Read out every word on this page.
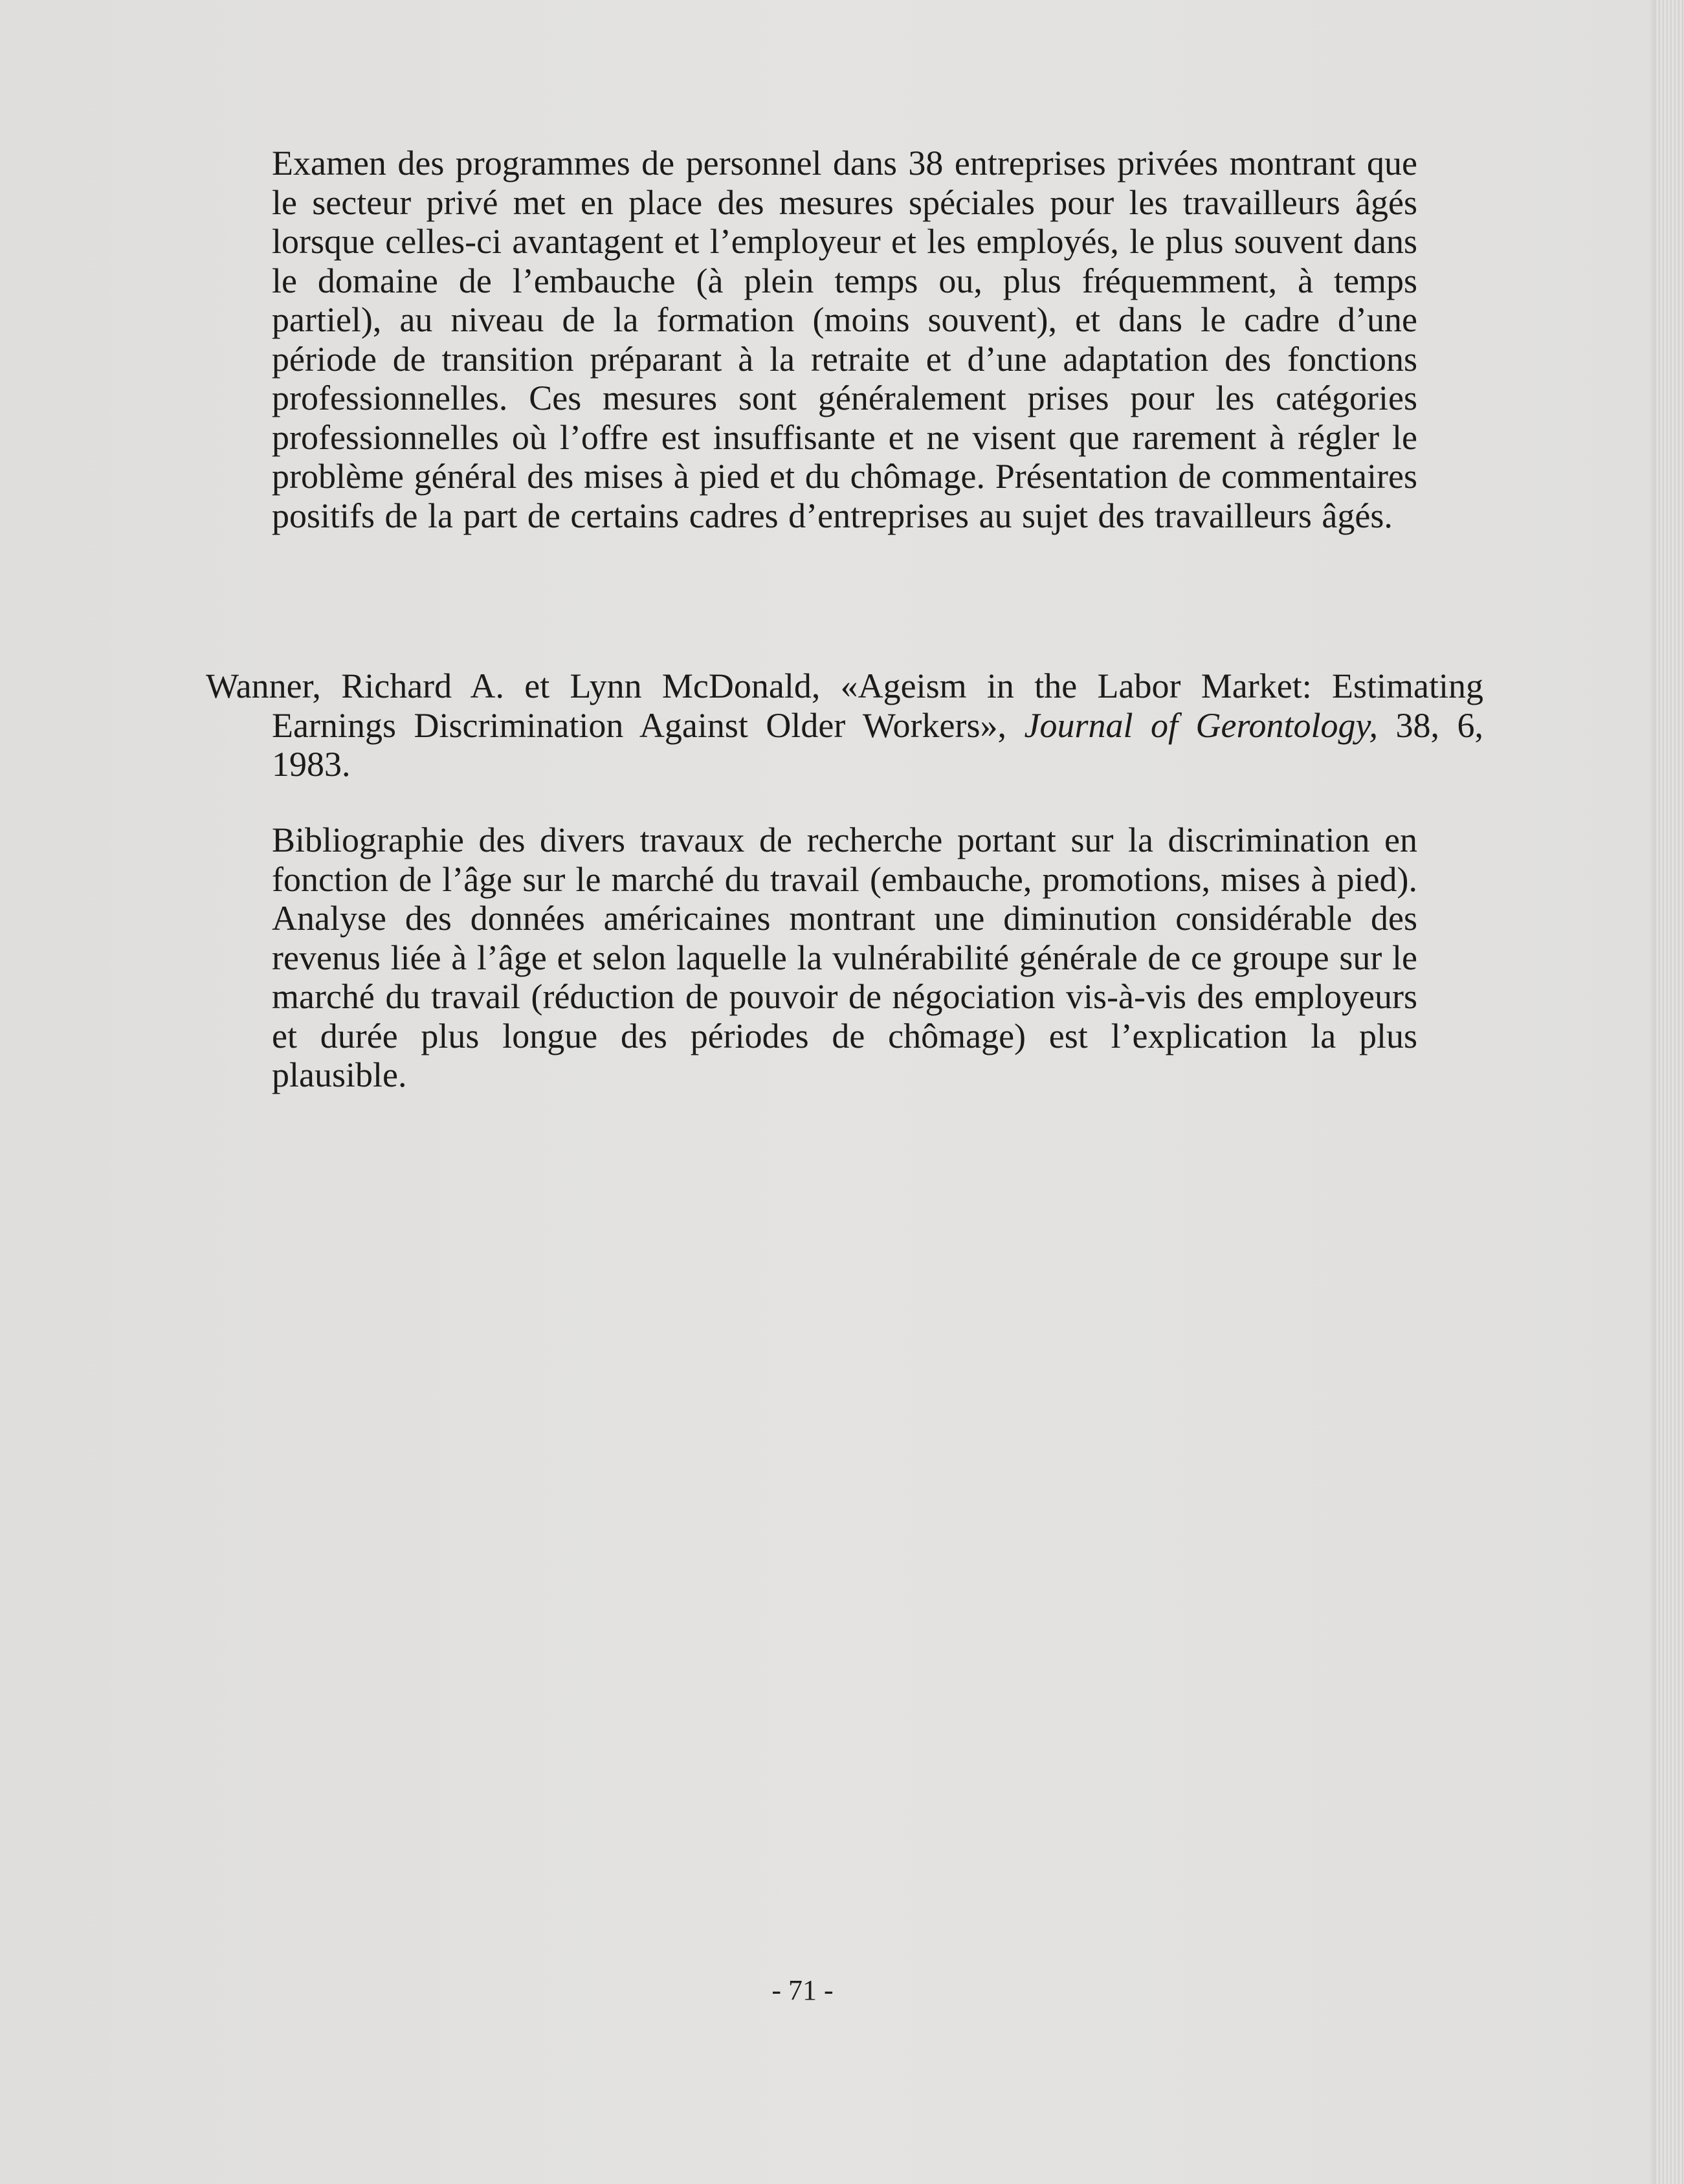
Examen des programmes de personnel dans 38 entreprises privées montrant que le secteur privé met en place des mesures spéciales pour les travailleurs âgés lorsque celles-ci avantagent et l’employeur et les employés, le plus souvent dans le domaine de l’embauche (à plein temps ou, plus fréquemment, à temps partiel), au niveau de la formation (moins souvent), et dans le cadre d’une période de transition préparant à la retraite et d’une adaptation des fonctions professionnelles. Ces mesures sont généralement prises pour les catégories professionnelles où l’offre est insuffisante et ne visent que rarement à régler le problème général des mises à pied et du chômage. Présentation de commentaires positifs de la part de certains cadres d’entreprises au sujet des travailleurs âgés.

Wanner, Richard A. et Lynn McDonald, «Ageism in the Labor Market: Estimating Earnings Discrimination Against Older Workers», Journal of Gerontology, 38, 6, 1983.

Bibliographie des divers travaux de recherche portant sur la discrimination en fonction de l’âge sur le marché du travail (embauche, promotions, mises à pied). Analyse des données américaines montrant une diminution considérable des revenus liée à l’âge et selon laquelle la vulnérabilité générale de ce groupe sur le marché du travail (réduction de pouvoir de négociation vis-à-vis des employeurs et durée plus longue des périodes de chômage) est l’explication la plus plausible.

- 71 -
